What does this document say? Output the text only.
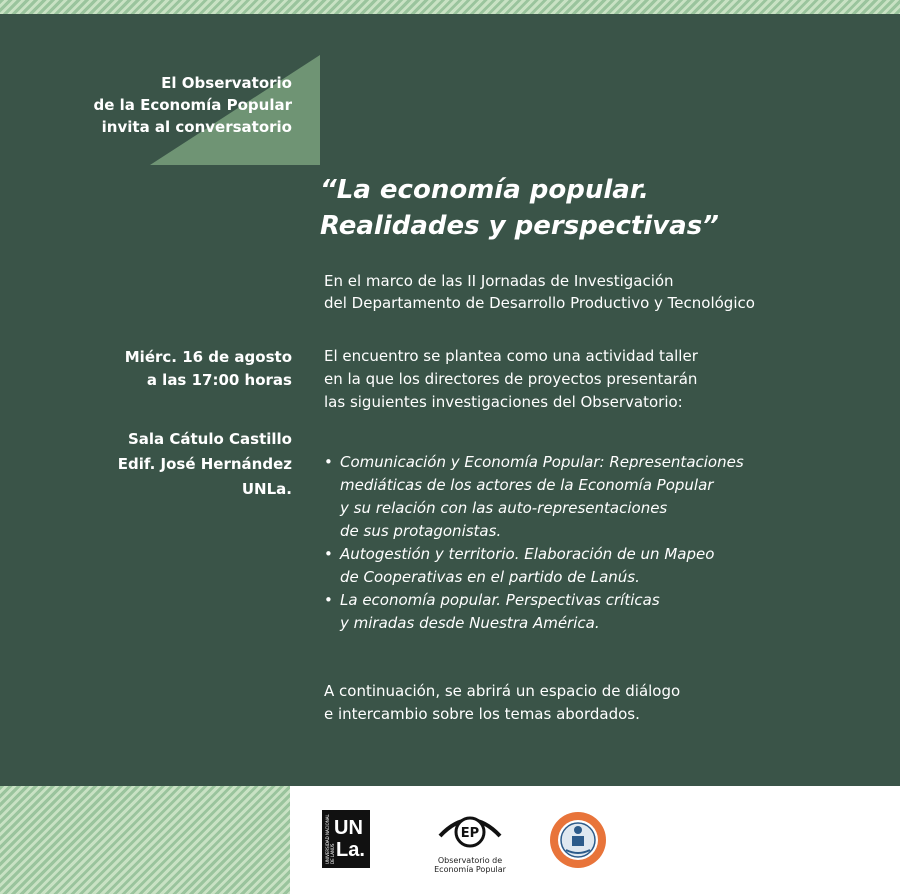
El Observatorio
de la Economía Popular
invita al conversatorio
“La economía popular.
Realidades y perspectivas”
En el marco de las II Jornadas de Investigación
del Departamento de Desarrollo Productivo y Tecnológico
Miérc. 16 de agosto
a las 17:00 horas
Sala Cátulo Castillo
Edif. José Hernández
UNLa.
El encuentro se plantea como una actividad taller
en la que los directores de proyectos presentarán
las siguientes investigaciones del Observatorio:
• Comunicación y Economía Popular: Representaciones
mediáticas de los actores de la Economía Popular
y su relación con las auto-representaciones
de sus protagonistas.
• Autogestión y territorio. Elaboración de un Mapeo
de Cooperativas en el partido de Lanús.
• La economía popular. Perspectivas críticas
y miradas desde Nuestra América.
A continuación, se abrirá un espacio de diálogo
e intercambio sobre los temas abordados.
UNIVERSIDAD NACIONAL DE LANÚS
UN
La.
EP
Observatorio de
Economía Popular
